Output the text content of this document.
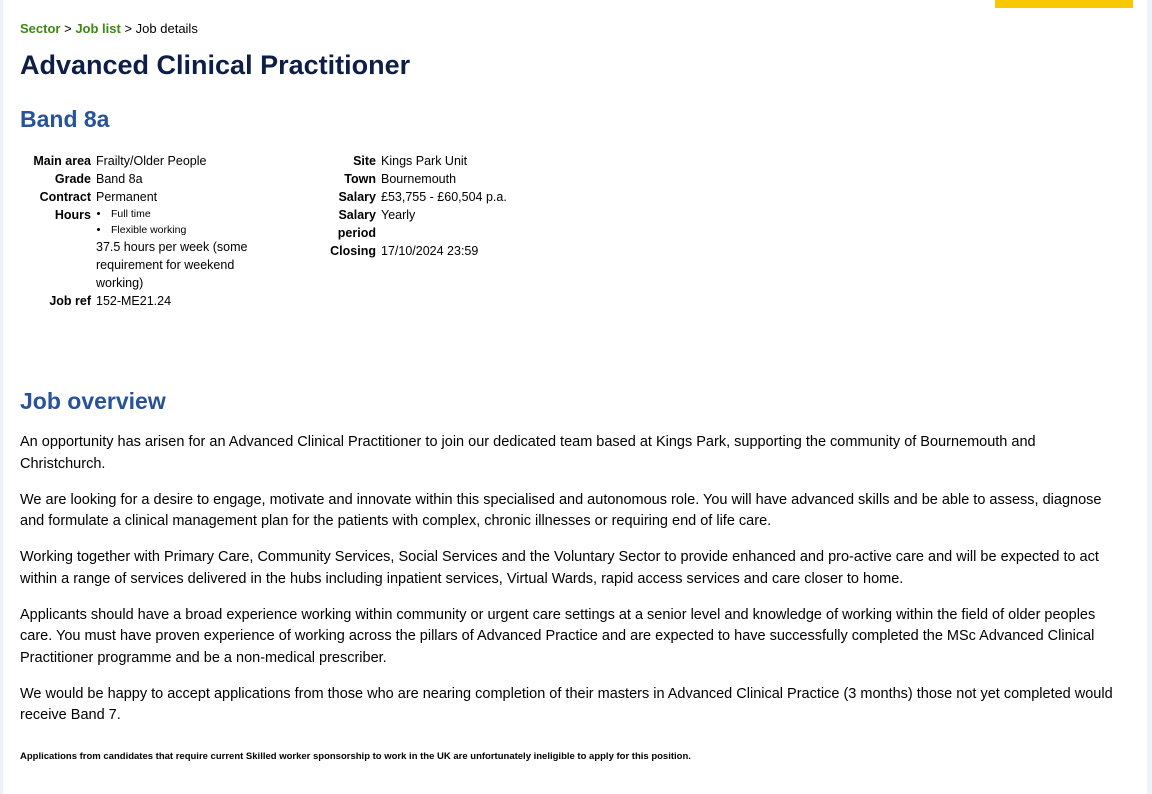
Sector > Job list > Job details
Advanced Clinical Practitioner
Band 8a
Main area Frailty/Older People
Grade Band 8a
Contract Permanent
Hours
• Full time
• Flexible working
37.5 hours per week (some requirement for weekend working)
Job ref 152-ME21.24
Site Kings Park Unit
Town Bournemouth
Salary £53,755 - £60,504 p.a.
Salary
period
Yearly
Closing 17/10/2024 23:59
Job overview

An opportunity has arisen for an Advanced Clinical Practitioner to join our dedicated team based at Kings Park, supporting the community of Bournemouth and Christchurch.

We are looking for a desire to engage, motivate and innovate within this specialised and autonomous role. You will have advanced skills and be able to assess, diagnose and formulate a clinical management plan for the patients with complex, chronic illnesses or requiring end of life care.

Working together with Primary Care, Community Services, Social Services and the Voluntary Sector to provide enhanced and pro-active care and will be expected to act within a range of services delivered in the hubs including inpatient services, Virtual Wards, rapid access services and care closer to home.

Applicants should have a broad experience working within community or urgent care settings at a senior level and knowledge of working within the field of older peoples care. You must have proven experience of working across the pillars of Advanced Practice and are expected to have successfully completed the MSc Advanced Clinical Practitioner programme and be a non-medical prescriber.

We would be happy to accept applications from those who are nearing completion of their masters in Advanced Clinical Practice (3 months) those not yet completed would receive Band 7.

Applications from candidates that require current Skilled worker sponsorship to work in the UK are unfortunately ineligible to apply for this position.
